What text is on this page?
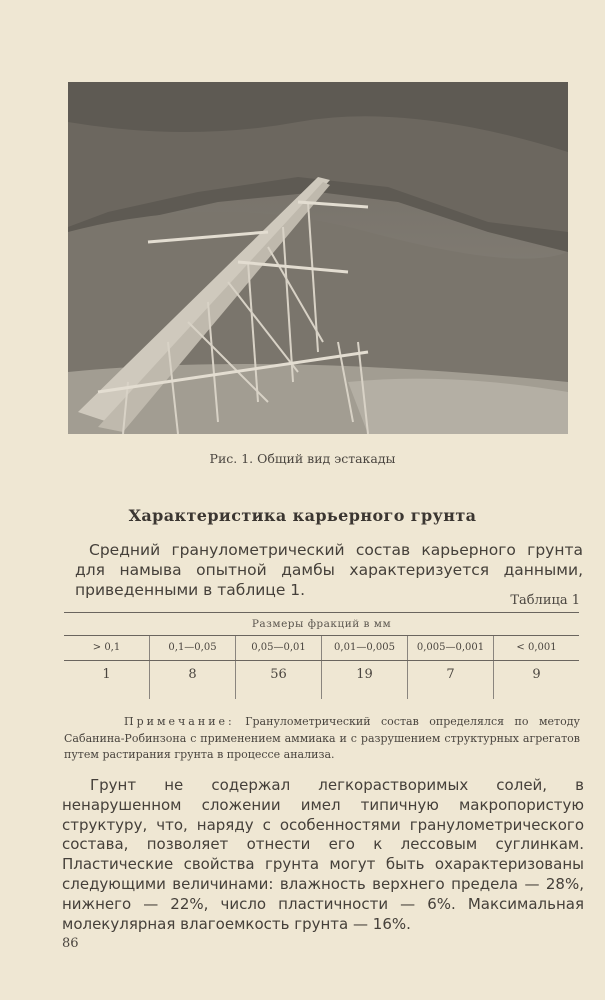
Рис. 1. Общий вид эстакады
Характеристика карьерного грунта
Средний гранулометрический состав карьерного грунта для намыва опытной дамбы характеризуется данными, приведенными в таблице 1.
Таблица 1
Размеры фракций в мм
> 0,1	0,1—0,05	0,05—0,01	0,01—0,005	0,005—0,001	< 0,001
1	8	56	19	7	9
Примечание: Гранулометрический состав определялся по методу Сабанина-Робинзона с применением аммиака и с разрушением структурных агрегатов путем растирания грунта в процессе анализа.
Грунт не содержал легкорастворимых солей, в ненарушенном сложении имел типичную макропористую структуру, что, наряду с особенностями гранулометрического состава, позволяет отнести его к лессовым суглинкам. Пластические свойства грунта могут быть охарактеризованы следующими величинами: влажность верхнего предела — 28%, нижнего — 22%, число пластичности — 6%. Максимальная молекулярная влагоемкость грунта — 16%.
86
